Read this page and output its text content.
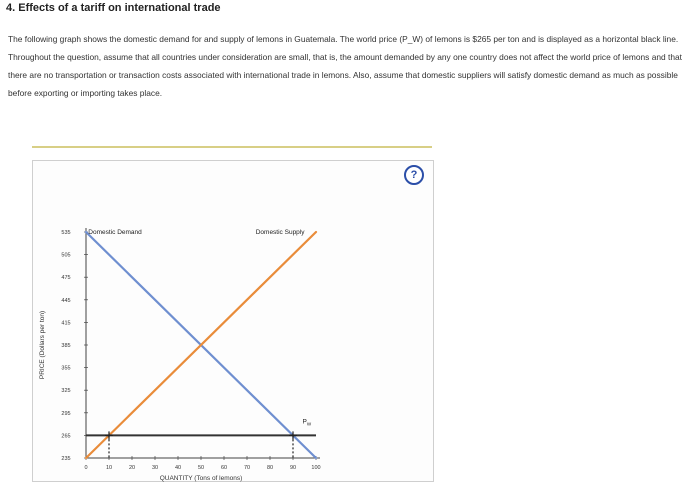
4. Effects of a tariff on international trade
The following graph shows the domestic demand for and supply of lemons in Guatemala. The world price (P_W) of lemons is $265 per ton and is displayed as a horizontal black line. Throughout the question, assume that all countries under consideration are small, that is, the amount demanded by any one country does not affect the world price of lemons and that there are no transportation or transaction costs associated with international trade in lemons. Also, assume that domestic suppliers will satisfy domestic demand as much as possible before exporting or importing takes place.
?
535
505
475
445
415
385
355
325
295
265
235
0	10	20	30	40	50	60	70	80	90	100
QUANTITY (Tons of lemons)
PRICE (Dollars per ton)
Domestic Demand	Domestic Supply
$P_W$
